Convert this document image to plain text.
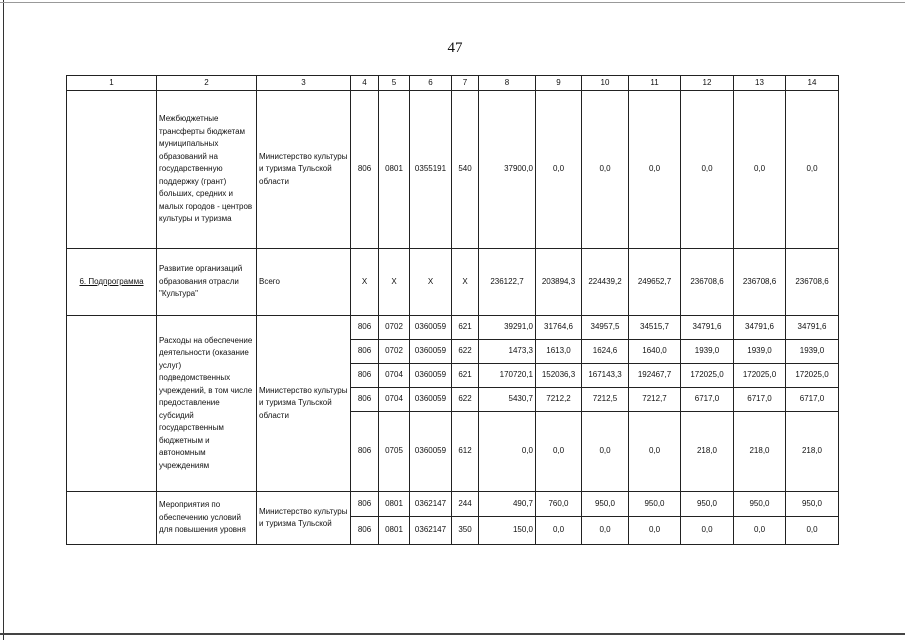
47
1	2	3	4	5	6	7	8	9	10	11	12	13	14
	Межбюджетные трансферты бюджетам муниципальных образований на государственную поддержку (грант) больших, средних и малых городов - центров культуры и туризма	Министерство культуры и туризма Тульской области	806	0801	0355191	540	37900,0	0,0	0,0	0,0	0,0	0,0	0,0
6. Подпрограмма	Развитие организаций образования отрасли "Культура"	Всего	X	X	X	X	236122,7	203894,3	224439,2	249652,7	236708,6	236708,6	236708,6
	Расходы на обеспечение деятельности (оказание услуг) подведомственных учреждений, в том числе предоставление субсидий государственным бюджетным и автономным учреждениям	Министерство культуры и туризма Тульской области	806	0702	0360059	621	39291,0	31764,6	34957,5	34515,7	34791,6	34791,6	34791,6
			806	0702	0360059	622	1473,3	1613,0	1624,6	1640,0	1939,0	1939,0	1939,0
			806	0704	0360059	621	170720,1	152036,3	167143,3	192467,7	172025,0	172025,0	172025,0
			806	0704	0360059	622	5430,7	7212,2	7212,5	7212,7	6717,0	6717,0	6717,0
			806	0705	0360059	612	0,0	0,0	0,0	0,0	218,0	218,0	218,0
	Мероприятия по обеспечению условий для повышения уровня	Министерство культуры и туризма Тульской	806	0801	0362147	244	490,7	760,0	950,0	950,0	950,0	950,0	950,0
			806	0801	0362147	350	150,0	0,0	0,0	0,0	0,0	0,0	0,0
